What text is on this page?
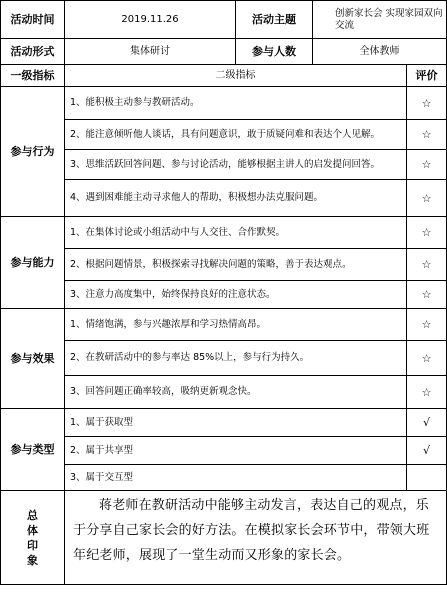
活动时间	2019.11.26	活动主题	创新家长会 实现家园双向交流	
活动形式	集体研讨	参与人数	全体教师	
一级指标	二级指标			评价
参与行为	1、能积极主动参与教研活动。			☆
	2、能注意倾听他人谈话，具有问题意识，敢于质疑问难和表达个人见解。			☆
	3、思维活跃回答问题、参与讨论活动，能够根据主讲人的启发提问回答。			☆
	4、遇到困难能主动寻求他人的帮助，积极想办法克服问题。			☆
参与能力	1、在集体讨论或小组活动中与人交往、合作默契。			☆
	2、根据问题情景，积极探索寻找解决问题的策略，善于表达观点。			☆
	3、注意力高度集中，始终保持良好的注意状态。			☆
参与效果	1、情绪饱满，参与兴趣浓厚和学习热情高昂。			☆
	2、在教研活动中的参与率达 85%以上，参与行为持久。			☆
	3、回答问题正确率较高，吸纳更新观念快。			☆
参与类型	1、属于获取型			√
	2、属于共享型			√
	3、属于交互型			

总体印象	蒋老师在教研活动中能够主动发言，表达自己的观点，乐于分享自己家长会的好方法。在模拟家长会环节中，带领大班年纪老师，展现了一堂生动而又形象的家长会。			
